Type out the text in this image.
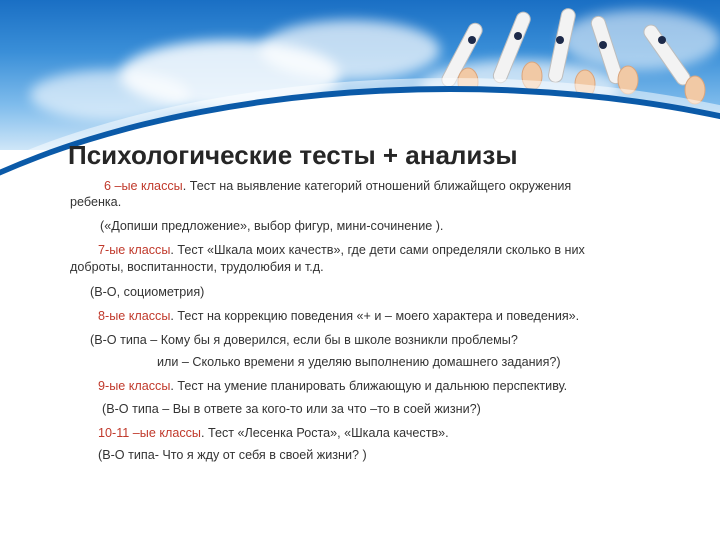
Психологические тесты + анализы
6 –ые классы. Тест на выявление категорий отношений ближайщего окружения
ребенка.
(«Допиши предложение», выбор фигур, мини-сочинение ).
7-ые классы. Тест «Шкала моих качеств», где дети сами определяли сколько в них
доброты, воспитанности, трудолюбия и т.д.
(В-О, социометрия)
8-ые классы. Тест на коррекцию поведения «+ и – моего характера и поведения».
(В-О типа – Кому бы я доверился, если бы в школе возникли проблемы?
или – Сколько времени я уделяю выполнению домашнего задания?)
9-ые классы. Тест на умение планировать ближающую и дальнюю перспективу.
(В-О типа – Вы в ответе за кого-то или за что –то в соей жизни?)
10-11 –ые классы. Тест «Лесенка Роста», «Шкала качеств».
(В-О типа- Что я жду от себя в своей жизни? )
